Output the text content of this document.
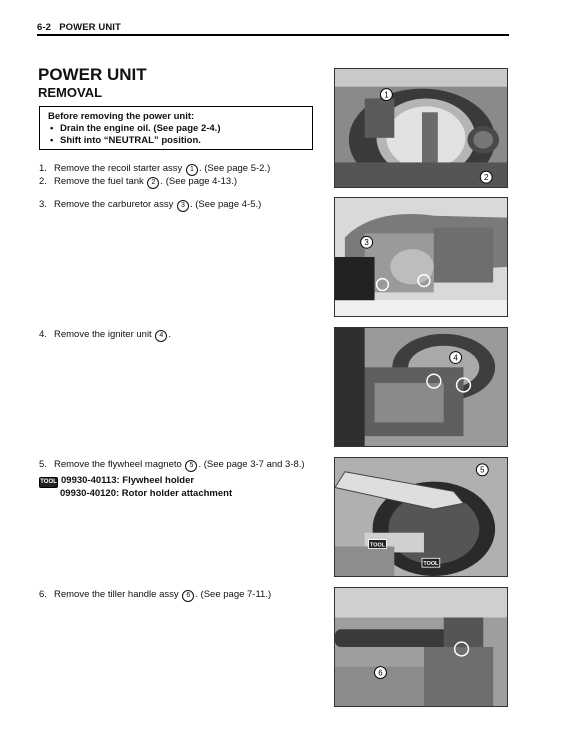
6-2 POWER UNIT
POWER UNIT
REMOVAL
Before removing the power unit:
• Drain the engine oil. (See page 2-4.)
• Shift into “NEUTRAL” position.
1. Remove the recoil starter assy 1 . (See page 5-2.)
2. Remove the fuel tank 2 . (See page 4-13.)
3. Remove the carburetor assy 3 . (See page 4-5.)
4. Remove the igniter unit 4 .
5. Remove the flywheel magneto 5 . (See page 3-7 and 3-8.)
TOOL 09930-40113: Flywheel holder
09930-40120: Rotor holder attachment
6. Remove the tiller handle assy 6 . (See page 7-11.)
1
2
3
4
TOOL
TOOL
5
6
